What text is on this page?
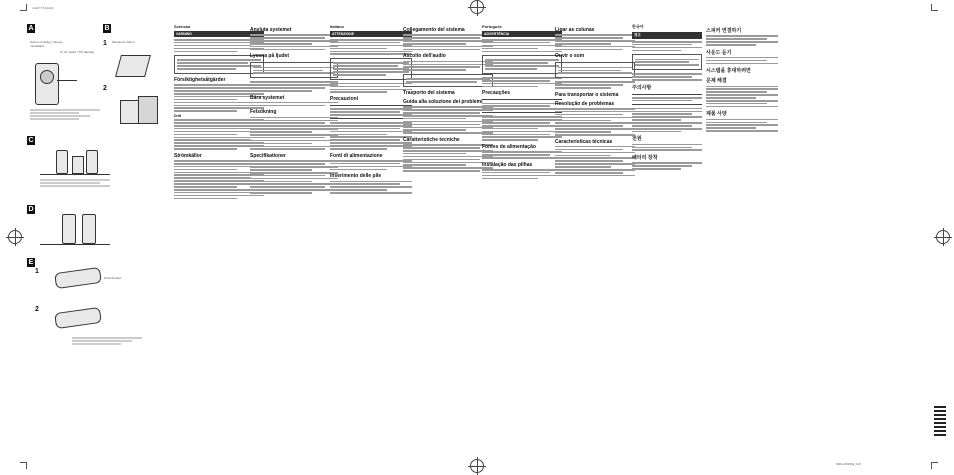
4-107-773-11(1)
SRS-A60(SW_CZ)
A	B
C
D
E
Stereo miniplug / Stereo-ministikket
To AC outlet / Till nätuttag
1
2
Monaural / Mono
1
2
Strömbrytare
Svenska
VARNING
Försiktighetsåtgärder
Drift
Strömkällor
Ansluta systemet
Lyssna på ljudet
Bära systemet
Felsökning
Specifikationer
Italiano
ATTENZIONE
Precauzioni
Fonti di alimentazione
Inserimento delle pile
Collegamento del sistema
Ascolto dell'audio
Trasporto del sistema
Guida alla soluzione dei problemi
Caratteristiche tecniche
Português
ADVERTÊNCIA
Precauções
Fontes de alimentação
Instalação das pilhas
Ligar as colunas
Ouvir o som
Para transportar o sistema
Resolução de problemas
Características técnicas
한국어
경고
주의사항
전원
배터리 장착
스피커 연결하기
사운드 듣기
시스템을 휴대하려면
문제 해결
제품 사양
